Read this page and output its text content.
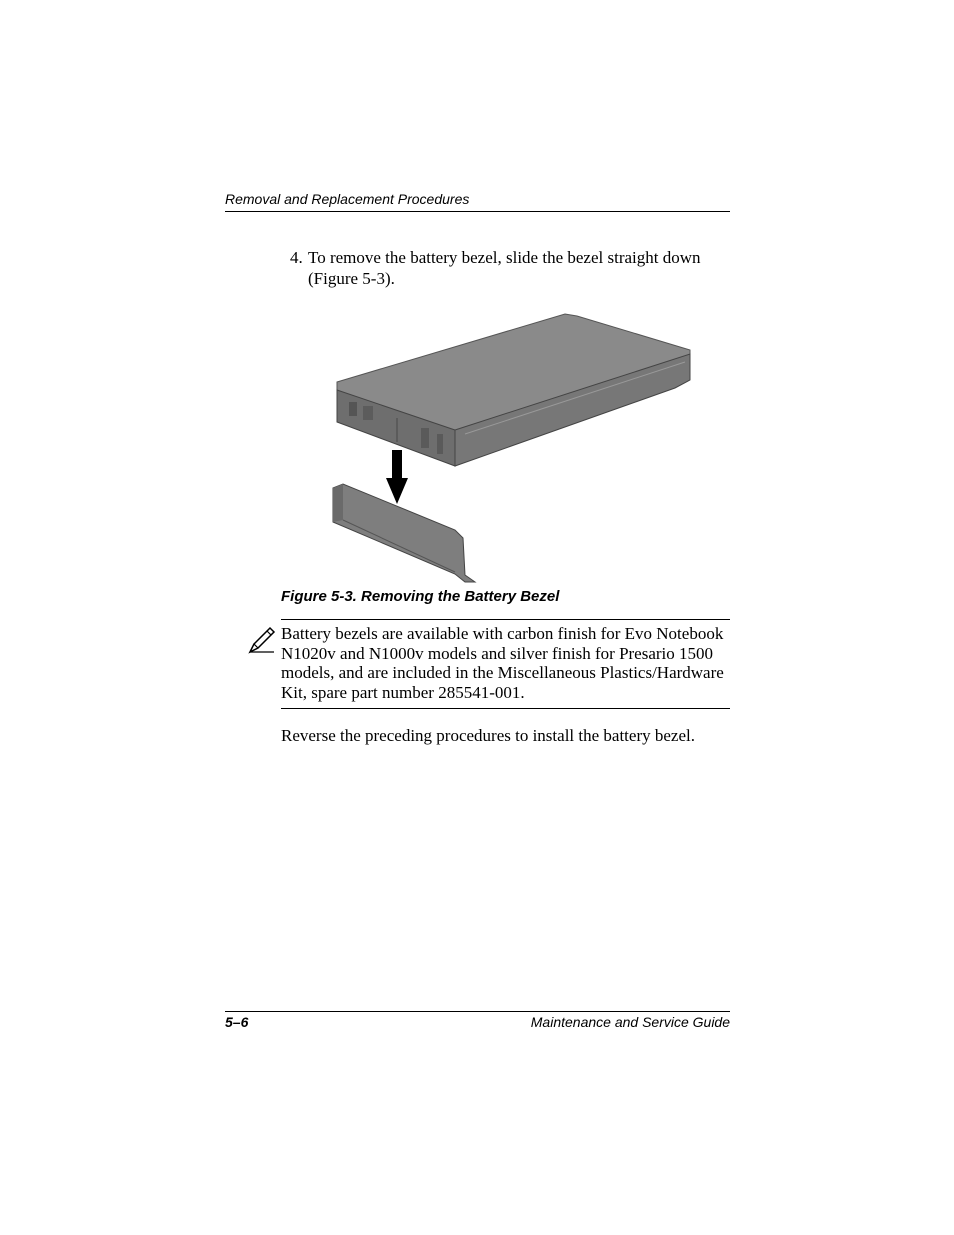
Removal and Replacement Procedures
4. To remove the battery bezel, slide the bezel straight down (Figure 5-3).
Figure 5-3. Removing the Battery Bezel
Battery bezels are available with carbon finish for Evo Notebook N1020v and N1000v models and silver finish for Presario 1500 models, and are included in the Miscellaneous Plastics/Hardware Kit, spare part number 285541-001.
Reverse the preceding procedures to install the battery bezel.
5–6	Maintenance and Service Guide
